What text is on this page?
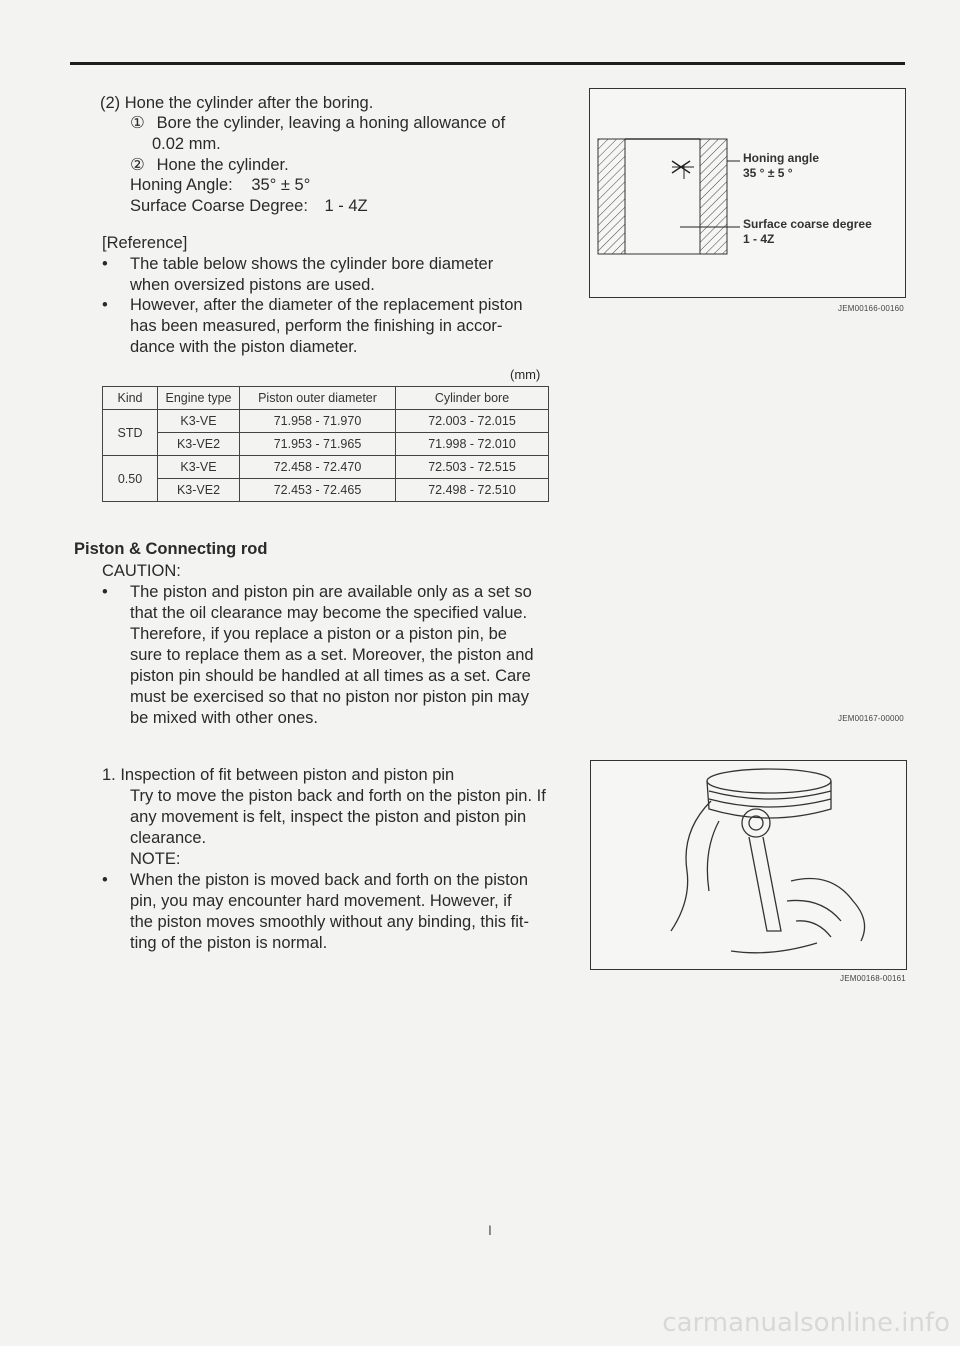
(2) Hone the cylinder after the boring.
① Bore the cylinder, leaving a honing allowance of
0.02 mm.
② Hone the cylinder.
Honing Angle: 35° ± 5°
Surface Coarse Degree: 1 - 4Z
[Reference]
• The table below shows the cylinder bore diameter
when oversized pistons are used.
• However, after the diameter of the replacement piston
has been measured, perform the finishing in accor-
dance with the piston diameter.
(mm)
Kind	Engine type	Piston outer diameter	Cylinder bore
STD	K3-VE	71.958 - 71.970	72.003 - 72.015
	K3-VE2	71.953 - 71.965	71.998 - 72.010
0.50	K3-VE	72.458 - 72.470	72.503 - 72.515
	K3-VE2	72.453 - 72.465	72.498 - 72.510
Honing angle
35 ° ± 5 °
Surface coarse degree
1 - 4Z
JEM00166-00160
Piston & Connecting rod
CAUTION:
• The piston and piston pin are available only as a set so
that the oil clearance may become the specified value.
Therefore, if you replace a piston or a piston pin, be
sure to replace them as a set. Moreover, the piston and
piston pin should be handled at all times as a set. Care
must be exercised so that no piston nor piston pin may
be mixed with other ones.	JEM00167-00000
1. Inspection of fit between piston and piston pin
Try to move the piston back and forth on the piston pin. If
any movement is felt, inspect the piston and piston pin
clearance.
NOTE:
• When the piston is moved back and forth on the piston
pin, you may encounter hard movement. However, if
the piston moves smoothly without any binding, this fit-
ting of the piston is normal.
JEM00168-00161
I
carmanualsonline.info
